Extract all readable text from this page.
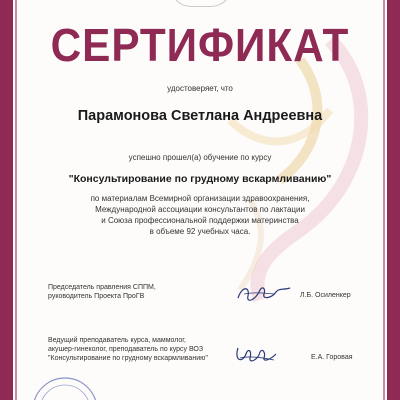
СЕРТИФИКАТ
удостоверяет, что
Парамонова Светлана Андреевна
успешно прошел(а) обучение по курсу
"Консультирование по грудному вскармливанию"
по материалам Всемирной организации здравоохранения,
Международной ассоциации консультантов по лактации
и Союза профессиональной поддержки материнства
в объеме 92 учебных часа.
Председатель правления СППМ,
руководитель Проекта ПроГВ	Л.Б. Осиленкер
Ведущий преподаватель курса, маммолог,
акушер-гинеколог, преподаватель по курсу ВОЗ
"Консультирование по грудному вскармливанию"	Е.А. Горовая
